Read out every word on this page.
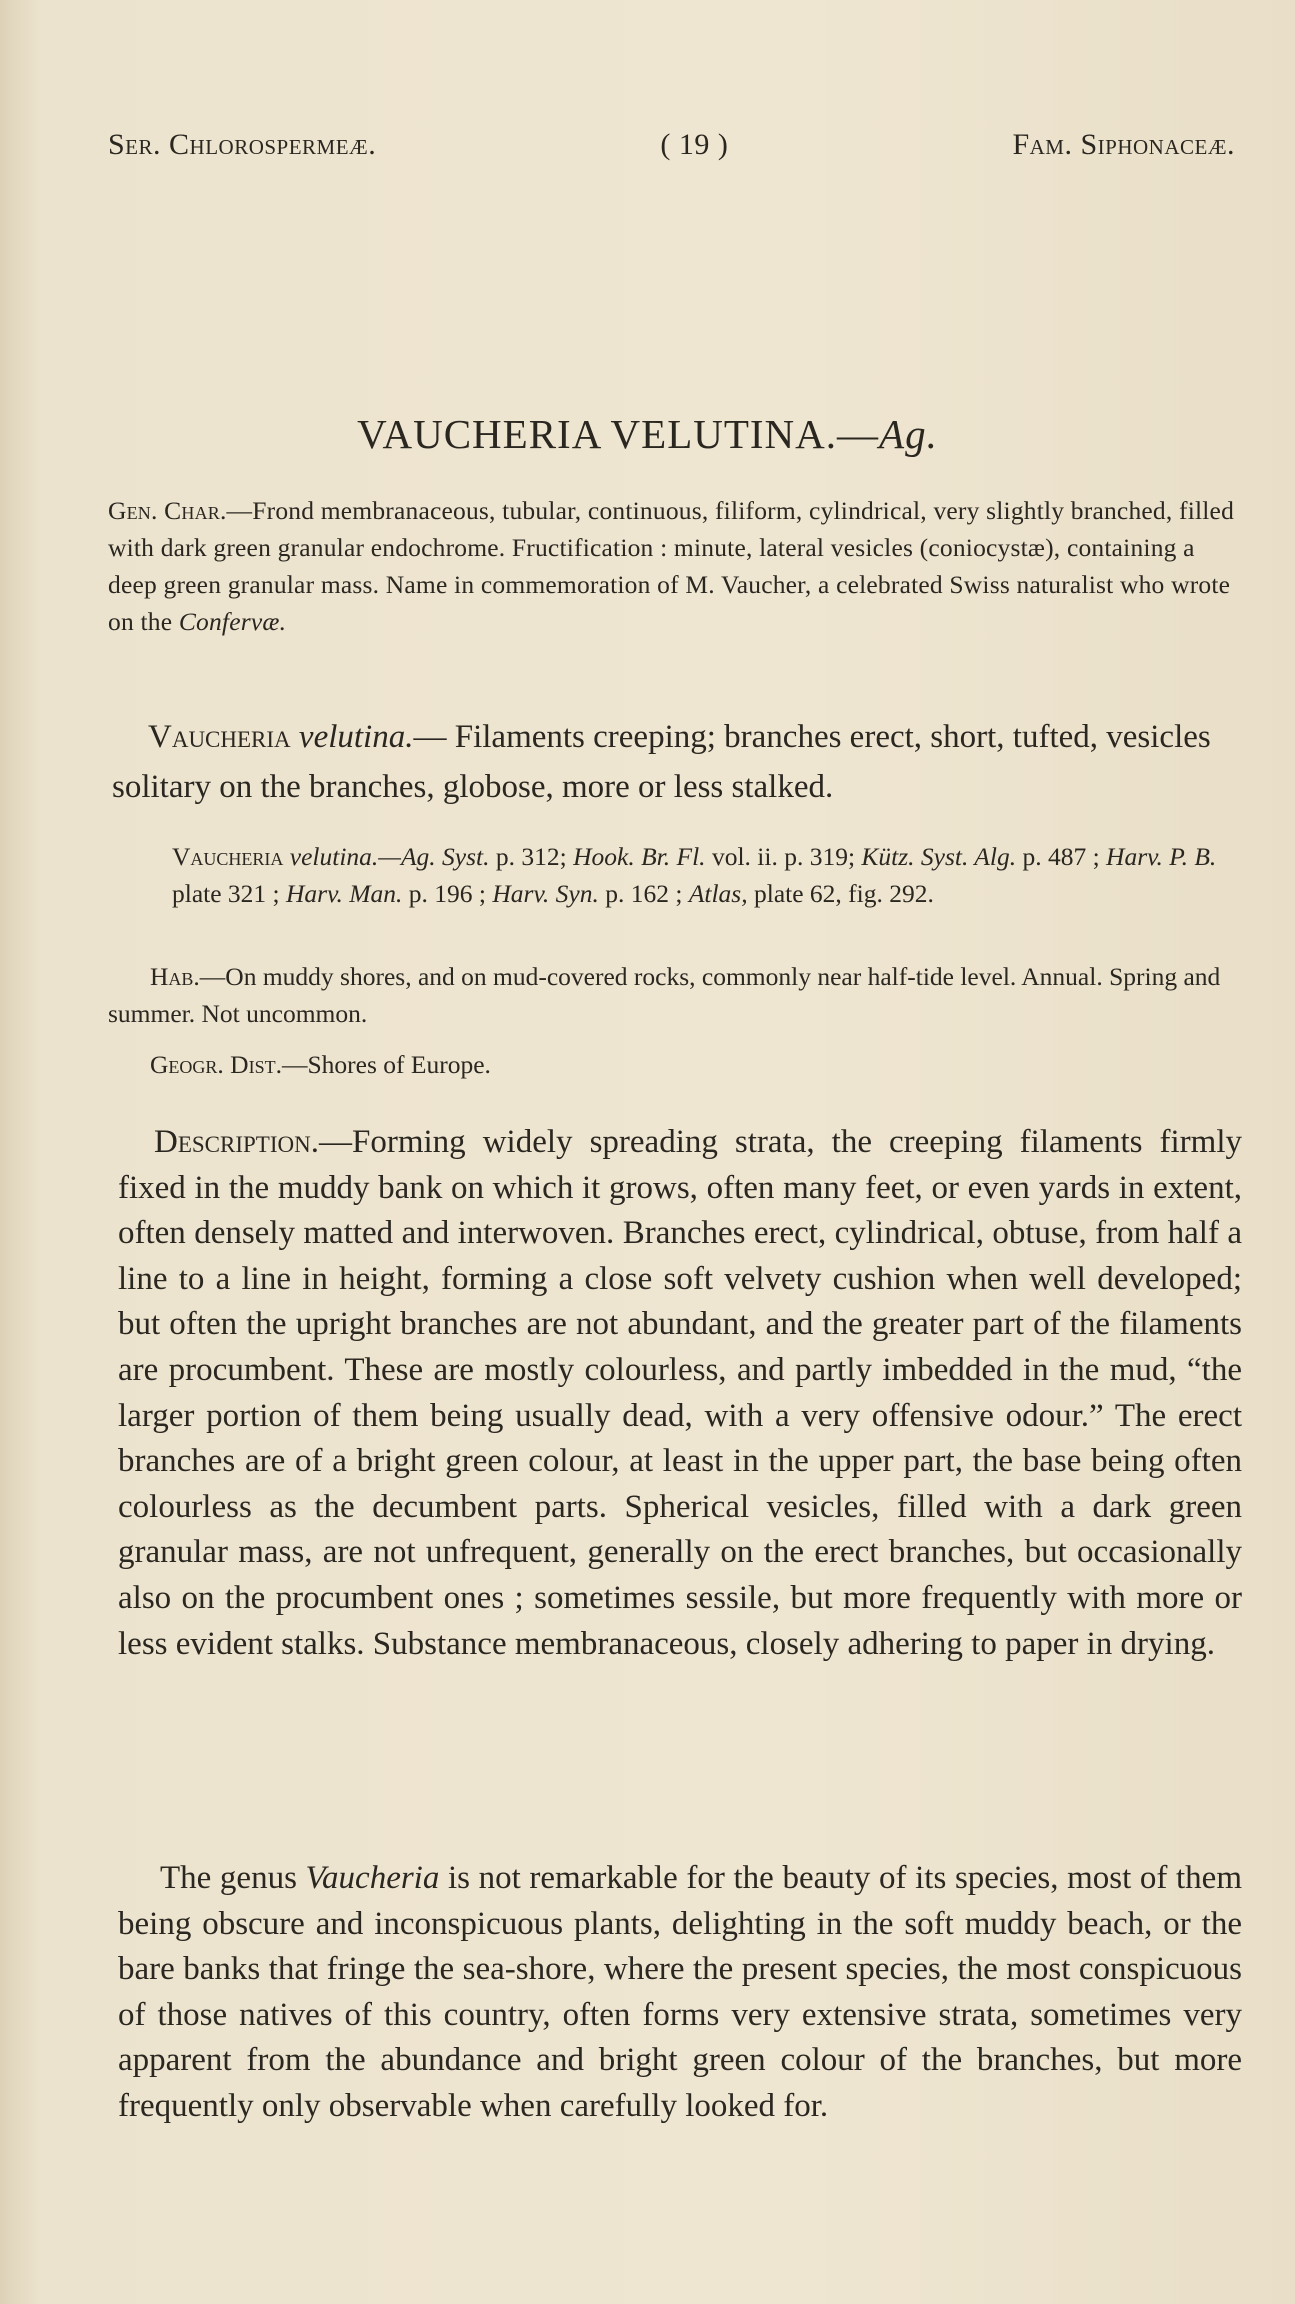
Ser. Chlorospermeæ.	( 19 )	Fam. Siphonaceæ.
VAUCHERIA VELUTINA.—Ag.
Gen. Char.—Frond membranaceous, tubular, continuous, filiform, cylindrical, very slightly branched, filled with dark green granular endochrome. Fructification : minute, lateral vesicles (coniocystæ), containing a deep green granular mass. Name in commemoration of M. Vaucher, a celebrated Swiss naturalist who wrote on the Confervæ.
Vaucheria velutina.— Filaments creeping; branches erect, short, tufted, vesicles solitary on the branches, globose, more or less stalked.
Vaucheria velutina.—Ag. Syst. p. 312; Hook. Br. Fl. vol. ii. p. 319; Kütz. Syst. Alg. p. 487 ; Harv. P. B. plate 321 ; Harv. Man. p. 196 ; Harv. Syn. p. 162 ; Atlas, plate 62, fig. 292.
Hab.—On muddy shores, and on mud-covered rocks, commonly near half-tide level. Annual. Spring and summer. Not uncommon.
Geogr. Dist.—Shores of Europe.
Description.—Forming widely spreading strata, the creeping filaments firmly fixed in the muddy bank on which it grows, often many feet, or even yards in extent, often densely matted and interwoven. Branches erect, cylindrical, obtuse, from half a line to a line in height, forming a close soft velvety cushion when well developed; but often the upright branches are not abundant, and the greater part of the filaments are procumbent. These are mostly colourless, and partly imbedded in the mud, “the larger portion of them being usually dead, with a very offensive odour.” The erect branches are of a bright green colour, at least in the upper part, the base being often colourless as the decumbent parts. Spherical vesicles, filled with a dark green granular mass, are not unfrequent, generally on the erect branches, but occasionally also on the procumbent ones ; sometimes sessile, but more frequently with more or less evident stalks. Substance membranaceous, closely adhering to paper in drying.
The genus Vaucheria is not remarkable for the beauty of its species, most of them being obscure and inconspicuous plants, delighting in the soft muddy beach, or the bare banks that fringe the sea-shore, where the present species, the most conspicuous of those natives of this country, often forms very extensive strata, sometimes very apparent from the abundance and bright green colour of the branches, but more frequently only observable when carefully looked for.
